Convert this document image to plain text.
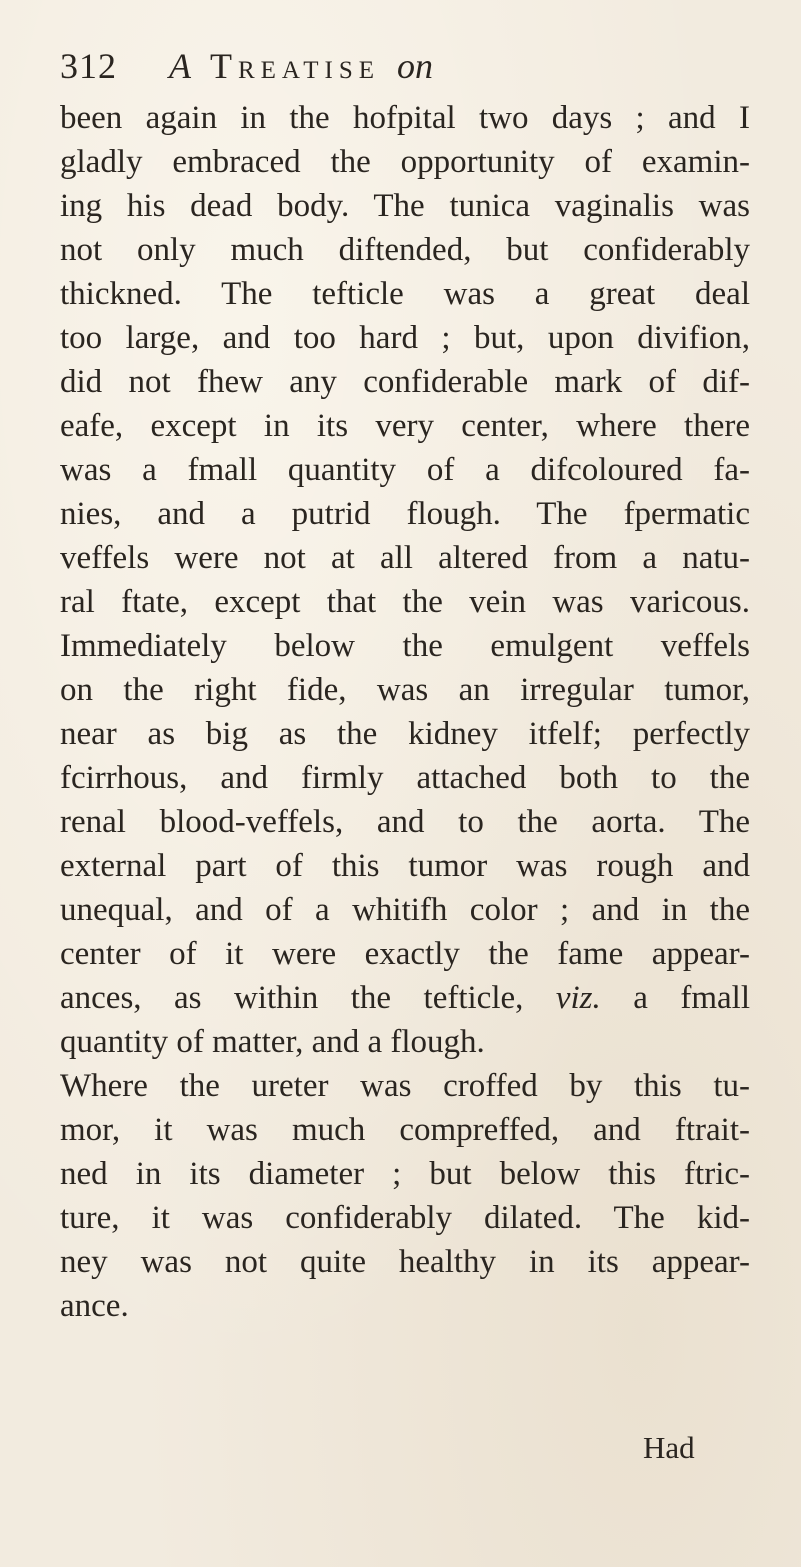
312 A Treatise on
been again in the hofpital two days ; and I
gladly embraced the opportunity of examin-
ing his dead body. The tunica vaginalis was
not only much diftended, but confiderably
thickned. The tefticle was a great deal
too large, and too hard ; but, upon divifion,
did not fhew any confiderable mark of dif-
eafe, except in its very center, where there
was a fmall quantity of a difcoloured fa-
nies, and a putrid flough. The fpermatic
veffels were not at all altered from a natu-
ral ftate, except that the vein was varicous.
Immediately below the emulgent veffels
on the right fide, was an irregular tumor,
near as big as the kidney itfelf; perfectly
fcirrhous, and firmly attached both to the
renal blood-veffels, and to the aorta. The
external part of this tumor was rough and
unequal, and of a whitifh color ; and in the
center of it were exactly the fame appear-
ances, as within the tefticle, viz. a fmall
quantity of matter, and a flough.
Where the ureter was croffed by this tu-
mor, it was much compreffed, and ftrait-
ned in its diameter ; but below this ftric-
ture, it was confiderably dilated. The kid-
ney was not quite healthy in its appear-
ance.
Had
